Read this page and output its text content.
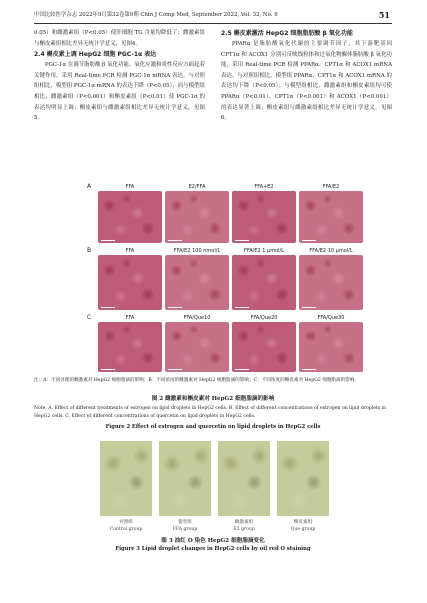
中国比较医学杂志 2022年9月第32卷第9期 Chin J Comp Med, September 2022, Vol. 32, No. 9	51

0.05）和雌激素组（P<0.05）使肝细胞 TG 含量均降低了；雌激素组与槲皮素组相比差异无统计学意义，见图4。

2.4 槲皮素上调 HepG2 细胞 PGC-1α 表达

PGC-1α 在调节脂肪酸 β 氧化功能、氧化应激和炎性反应方面起着关键作用，采用 Real-time PCR 检测 PGC-1α mRNA 表达。与对照组相比，模型组 PGC-1α mRNA 的表达下降（P<0.05）；而与模型组相比，雌激素组（P<0.001）和槲皮素组（P<0.01）使 PGC-1α 的表达均明显上调；槲皮素组与雌激素组相比差异无统计学意义，见图5。

2.5 槲皮素激活 HepG2 细胞脂肪酸 β 氧化功能

PPARα 是脂肪酸氧化代谢的主要调节因子，其下游靶基因 CPT1α 和 ACOX1 分别可反映线粒体和过氧化物酶体脂肪酸 β 氧化功能，采用 Real-time PCR 检测 PPARα、CPT1α 和 ACOX1 mRNA 表达。与对照组相比，模型组 PPARα、CPT1α 和 ACOX1 mRNA 的表达均下降（P<0.05）；与模型组相比，雌激素组和槲皮素组均可使 PPARα（P<0.01）、CPT1α（P<0.001）和 ACOX1（P<0.001）的表达显著上调；槲皮素组与雌激素组相比差异无统计学意义，见图6。

A	FFA	E2/FFA	FFA+E2	FFA/E2
B	FFA	FFA/E2 100 nmol/L	FFA/E2 1 μmol/L	FFA/E2 10 μmol/L
C	FFA	FFA/Que10	FFA/Que20	FFA/Que30
注：A：不同处理的雌激素对 HepG2 细胞脂滴的影响；B：不同浓度的雌激素对 HepG2 细胞脂滴的影响；C：不同浓度的槲皮素对 HepG2 细胞脂滴的影响。
图 2 雌激素和槲皮素对 HepG2 细胞脂滴的影响
Note. A, Effect of different treatments of estrogen on lipid droplets in HepG2 cells. B, Effect of different concentrations of estrogen on lipid droplets in HepG2 cells. C, Effect of different concentrations of quercetin on lipid droplets in HepG2 cells.
Figure 2 Effect of estrogen and quercetin on lipid droplets in HepG2 cells
对照组
Control group
模型组
FFA group
雌激素组
E2 group
槲皮素组
Que group
图 3 油红 O 染色 HepG2 细胞脂滴变化
Figure 3 Lipid droplet changes in HepG2 cells by oil red O staining
